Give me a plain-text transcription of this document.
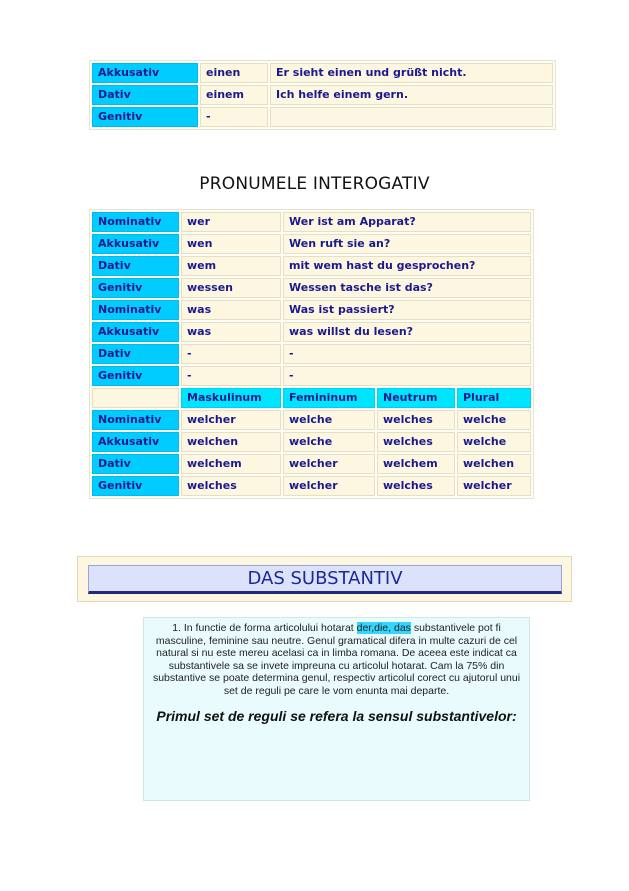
Akkusativ	einen	Er sieht einen und grüßt nicht.
Dativ	einem	Ich helfe einem gern.
Genitiv	-	
PRONUMELE INTEROGATIV
Nominativ	wer	Wer ist am Apparat?		
Akkusativ	wen	Wen ruft sie an?		
Dativ	wem	mit wem hast du gesprochen?		
Genitiv	wessen	Wessen tasche ist das?		
Nominativ	was	Was ist passiert?		
Akkusativ	was	was willst du lesen?		
Dativ	-	-		
Genitiv	-	-		
	Maskulinum	Femininum	Neutrum	Plural
Nominativ	welcher	welche	welches	welche
Akkusativ	welchen	welche	welches	welche
Dativ	welchem	welcher	welchem	welchen
Genitiv	welches	welcher	welches	welcher
DAS SUBSTANTIV

1. In functie de forma articolului hotarat der,die, das substantivele pot fi masculine, feminine sau neutre. Genul gramatical difera in multe cazuri de cel natural si nu este mereu acelasi ca in limba romana. De aceea este indicat ca substantivele sa se invete impreuna cu articolul hotarat. Cam la 75% din substantive se poate determina genul, respectiv articolul corect cu ajutorul unui set de reguli pe care le vom enunta mai departe.

Primul set de reguli se refera la sensul substantivelor:
